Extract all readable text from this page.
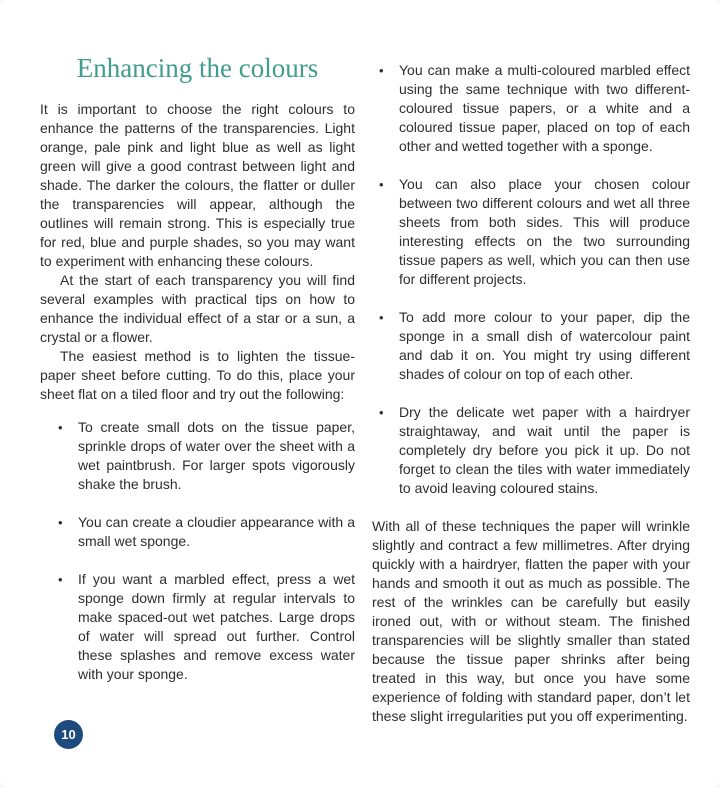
Enhancing the colours

It is important to choose the right colours to enhance the patterns of the transparencies. Light orange, pale pink and light blue as well as light green will give a good contrast between light and shade. The darker the colours, the flatter or duller the transparencies will appear, although the outlines will remain strong. This is especially true for red, blue and purple shades, so you may want to experiment with enhancing these colours.

At the start of each transparency you will find several examples with practical tips on how to enhance the individual effect of a star or a sun, a crystal or a flower.

The easiest method is to lighten the tissue-paper sheet before cutting. To do this, place your sheet flat on a tiled floor and try out the following:

• To create small dots on the tissue paper, sprinkle drops of water over the sheet with a wet paintbrush. For larger spots vigorously shake the brush.
• You can create a cloudier appearance with a small wet sponge.
• If you want a marbled effect, press a wet sponge down firmly at regular intervals to make spaced-out wet patches. Large drops of water will spread out further. Control these splashes and remove excess water with your sponge.
• You can make a multi-coloured marbled effect using the same technique with two different-coloured tissue papers, or a white and a coloured tissue paper, placed on top of each other and wetted together with a sponge.
• You can also place your chosen colour between two different colours and wet all three sheets from both sides. This will produce interesting effects on the two surrounding tissue papers as well, which you can then use for different projects.
• To add more colour to your paper, dip the sponge in a small dish of watercolour paint and dab it on. You might try using different shades of colour on top of each other.
• Dry the delicate wet paper with a hairdryer straightaway, and wait until the paper is completely dry before you pick it up. Do not forget to clean the tiles with water immediately to avoid leaving coloured stains.

With all of these techniques the paper will wrinkle slightly and contract a few millimetres. After drying quickly with a hairdryer, flatten the paper with your hands and smooth it out as much as possible. The rest of the wrinkles can be carefully but easily ironed out, with or without steam. The finished transparencies will be slightly smaller than stated because the tissue paper shrinks after being treated in this way, but once you have some experience of folding with standard paper, don’t let these slight irregularities put you off experimenting.

10
